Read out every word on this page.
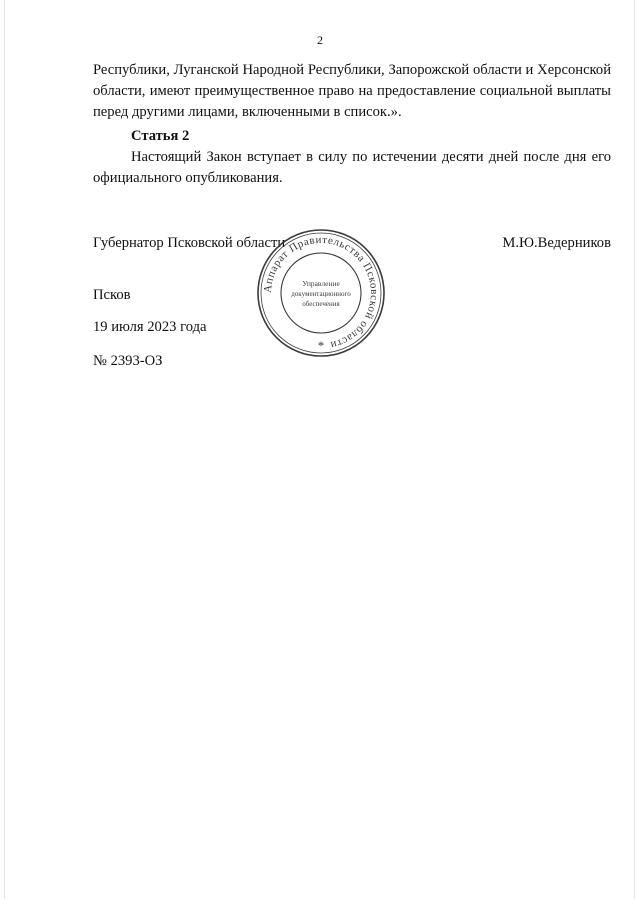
2
Республики, Луганской Народной Республики, Запорожской области и Херсонской области, имеют преимущественное право на предоставление социальной выплаты перед другими лицами, включенными в список.».
Статья 2
Настоящий Закон вступает в силу по истечении десяти дней после дня его официального опубликования.
Губернатор Псковской области	М.Ю.Ведерников
Псков
19 июля 2023 года
№ 2393-ОЗ
Аппарат Правительства Псковской области
Управление
документационного
обеспечения
*
